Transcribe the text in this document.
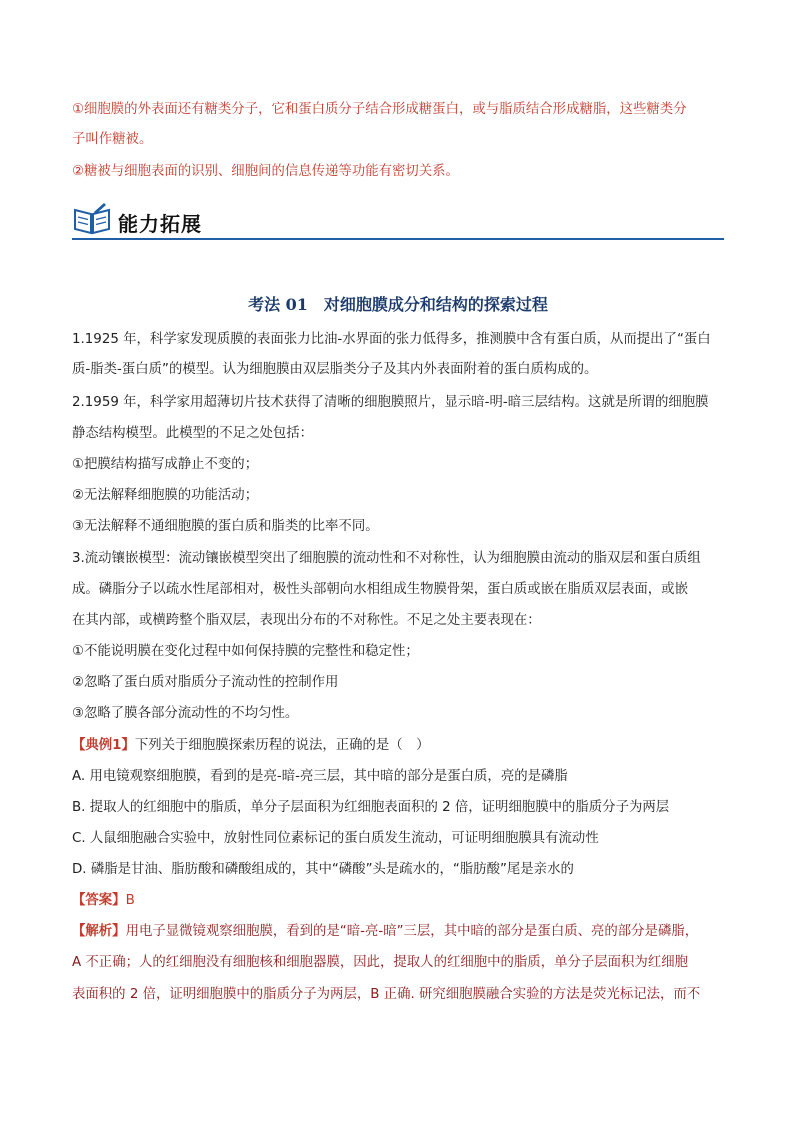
①细胞膜的外表面还有糖类分子，它和蛋白质分子结合形成糖蛋白，或与脂质结合形成糖脂，这些糖类分
子叫作糖被。
②糖被与细胞表面的识别、细胞间的信息传递等功能有密切关系。
能力拓展
考法 01　对细胞膜成分和结构的探索过程
1.1925 年，科学家发现质膜的表面张力比油-水界面的张力低得多，推测膜中含有蛋白质，从而提出了“蛋白
质-脂类-蛋白质”的模型。认为细胞膜由双层脂类分子及其内外表面附着的蛋白质构成的。
2.1959 年，科学家用超薄切片技术获得了清晰的细胞膜照片，显示暗-明-暗三层结构。这就是所谓的细胞膜
静态结构模型。此模型的不足之处包括：
①把膜结构描写成静止不变的；
②无法解释细胞膜的功能活动；
③无法解释不通细胞膜的蛋白质和脂类的比率不同。
3.流动镶嵌模型：流动镶嵌模型突出了细胞膜的流动性和不对称性，认为细胞膜由流动的脂双层和蛋白质组
成。磷脂分子以疏水性尾部相对，极性头部朝向水相组成生物膜骨架，蛋白质或嵌在脂质双层表面，或嵌
在其内部，或横跨整个脂双层，表现出分布的不对称性。不足之处主要表现在：
①不能说明膜在变化过程中如何保持膜的完整性和稳定性；
②忽略了蛋白质对脂质分子流动性的控制作用
③忽略了膜各部分流动性的不均匀性。
【典例1】下列关于细胞膜探索历程的说法，正确的是（　）
A. 用电镜观察细胞膜，看到的是亮-暗-亮三层，其中暗的部分是蛋白质，亮的是磷脂
B. 提取人的红细胞中的脂质，单分子层面积为红细胞表面积的 2 倍，证明细胞膜中的脂质分子为两层
C. 人鼠细胞融合实验中，放射性同位素标记的蛋白质发生流动，可证明细胞膜具有流动性
D. 磷脂是甘油、脂肪酸和磷酸组成的，其中“磷酸”头是疏水的，“脂肪酸”尾是亲水的
【答案】B
【解析】用电子显微镜观察细胞膜，看到的是“暗-亮-暗”三层，其中暗的部分是蛋白质、亮的部分是磷脂，
A 不正确；人的红细胞没有细胞核和细胞器膜，因此，提取人的红细胞中的脂质，单分子层面积为红细胞
表面积的 2 倍，证明细胞膜中的脂质分子为两层，B 正确. 研究细胞膜融合实验的方法是荧光标记法，而不
